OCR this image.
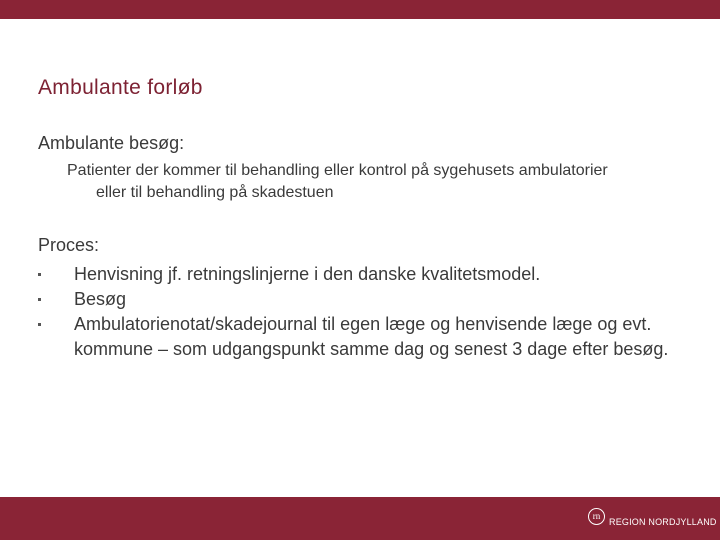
Ambulante forløb
Ambulante besøg:
Patienter der kommer til behandling eller kontrol på sygehusets ambulatorier
eller til behandling på skadestuen
Proces:
Henvisning jf. retningslinjerne i den danske kvalitetsmodel.
Besøg
Ambulatorienotat/skadejournal til egen læge og henvisende læge og evt. kommune – som udgangspunkt samme dag og senest 3 dage efter besøg.
rn
REGION NORDJYLLAND
